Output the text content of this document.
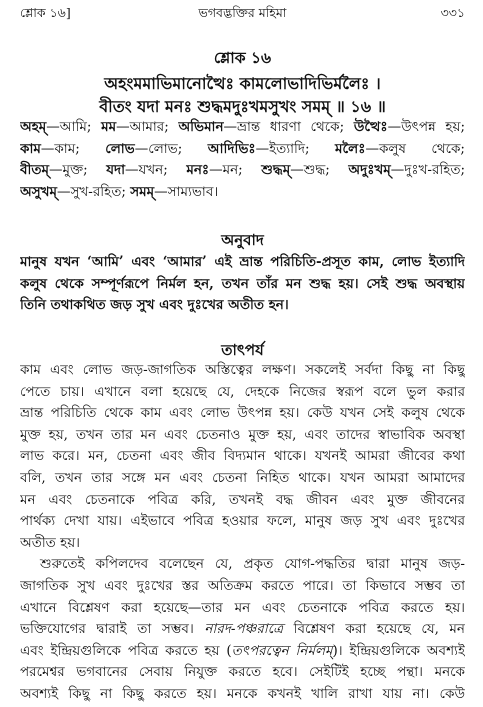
শ্লোক ১৬]	ভগবদ্ভক্তির মহিমা	৩৩১
শ্লোক ১৬
অহংমমাভিমানোত্থৈঃ কামলোভাদিভির্মলৈঃ ।
বীতং যদা মনঃ শুদ্ধমদুঃখমসুখং সমম্ ॥ ১৬ ॥
অহম্—আমি; মম—আমার; অভিমান—ভ্রান্ত ধারণা থেকে; উত্থৈঃ—উৎপন্ন হয়;
কাম—কাম; লোভ—লোভ; আদিভিঃ—ইত্যাদি; মলৈঃ—কলুষ থেকে;
বীতম্—মুক্ত; যদা—যখন; মনঃ—মন; শুদ্ধম্—শুদ্ধ; অদুঃখম্—দুঃখ-রহিত;
অসুখম্—সুখ-রহিত; সমম্—সাম্যভাব।
অনুবাদ
মানুষ যখন ‘আমি’ এবং ‘আমার’ এই ভ্রান্ত পরিচিতি-প্রসূত কাম, লোভ ইত্যাদি
কলুষ থেকে সম্পূর্ণরূপে নির্মল হন, তখন তাঁর মন শুদ্ধ হয়। সেই শুদ্ধ অবস্থায়
তিনি তথাকথিত জড় সুখ এবং দুঃখের অতীত হন।
তাৎপর্য
কাম এবং লোভ জড়-জাগতিক অস্তিত্বের লক্ষণ। সকলেই সর্বদা কিছু না কিছু
পেতে চায়। এখানে বলা হয়েছে যে, দেহকে নিজের স্বরূপ বলে ভুল করার
ভ্রান্ত পরিচিতি থেকে কাম এবং লোভ উৎপন্ন হয়। কেউ যখন সেই কলুষ থেকে
মুক্ত হয়, তখন তার মন এবং চেতনাও মুক্ত হয়, এবং তাদের স্বাভাবিক অবস্থা
লাভ করে। মন, চেতনা এবং জীব বিদ্যমান থাকে। যখনই আমরা জীবের কথা
বলি, তখন তার সঙ্গে মন এবং চেতনা নিহিত থাকে। যখন আমরা আমাদের
মন এবং চেতনাকে পবিত্র করি, তখনই বদ্ধ জীবন এবং মুক্ত জীবনের
পার্থক্য দেখা যায়। এইভাবে পবিত্র হওয়ার ফলে, মানুষ জড় সুখ এবং দুঃখের
অতীত হয়।
শুরুতেই কপিলদেব বলেছেন যে, প্রকৃত যোগ-পদ্ধতির দ্বারা মানুষ জড়-
জাগতিক সুখ এবং দুঃখের স্তর অতিক্রম করতে পারে। তা কিভাবে সম্ভব তা
এখানে বিশ্লেষণ করা হয়েছে—তার মন এবং চেতনাকে পবিত্র করতে হয়।
ভক্তিযোগের দ্বারাই তা সম্ভব। নারদ-পঞ্চরাত্রে বিশ্লেষণ করা হয়েছে যে, মন
এবং ইন্দ্রিয়গুলিকে পবিত্র করতে হয় (তৎপরত্বেন নির্মলম্)। ইন্দ্রিয়গুলিকে অবশ্যই
পরমেশ্বর ভগবানের সেবায় নিযুক্ত করতে হবে। সেইটিই হচ্ছে পন্থা। মনকে
অবশ্যই কিছু না কিছু করতে হয়। মনকে কখনই খালি রাখা যায় না। কেউ
